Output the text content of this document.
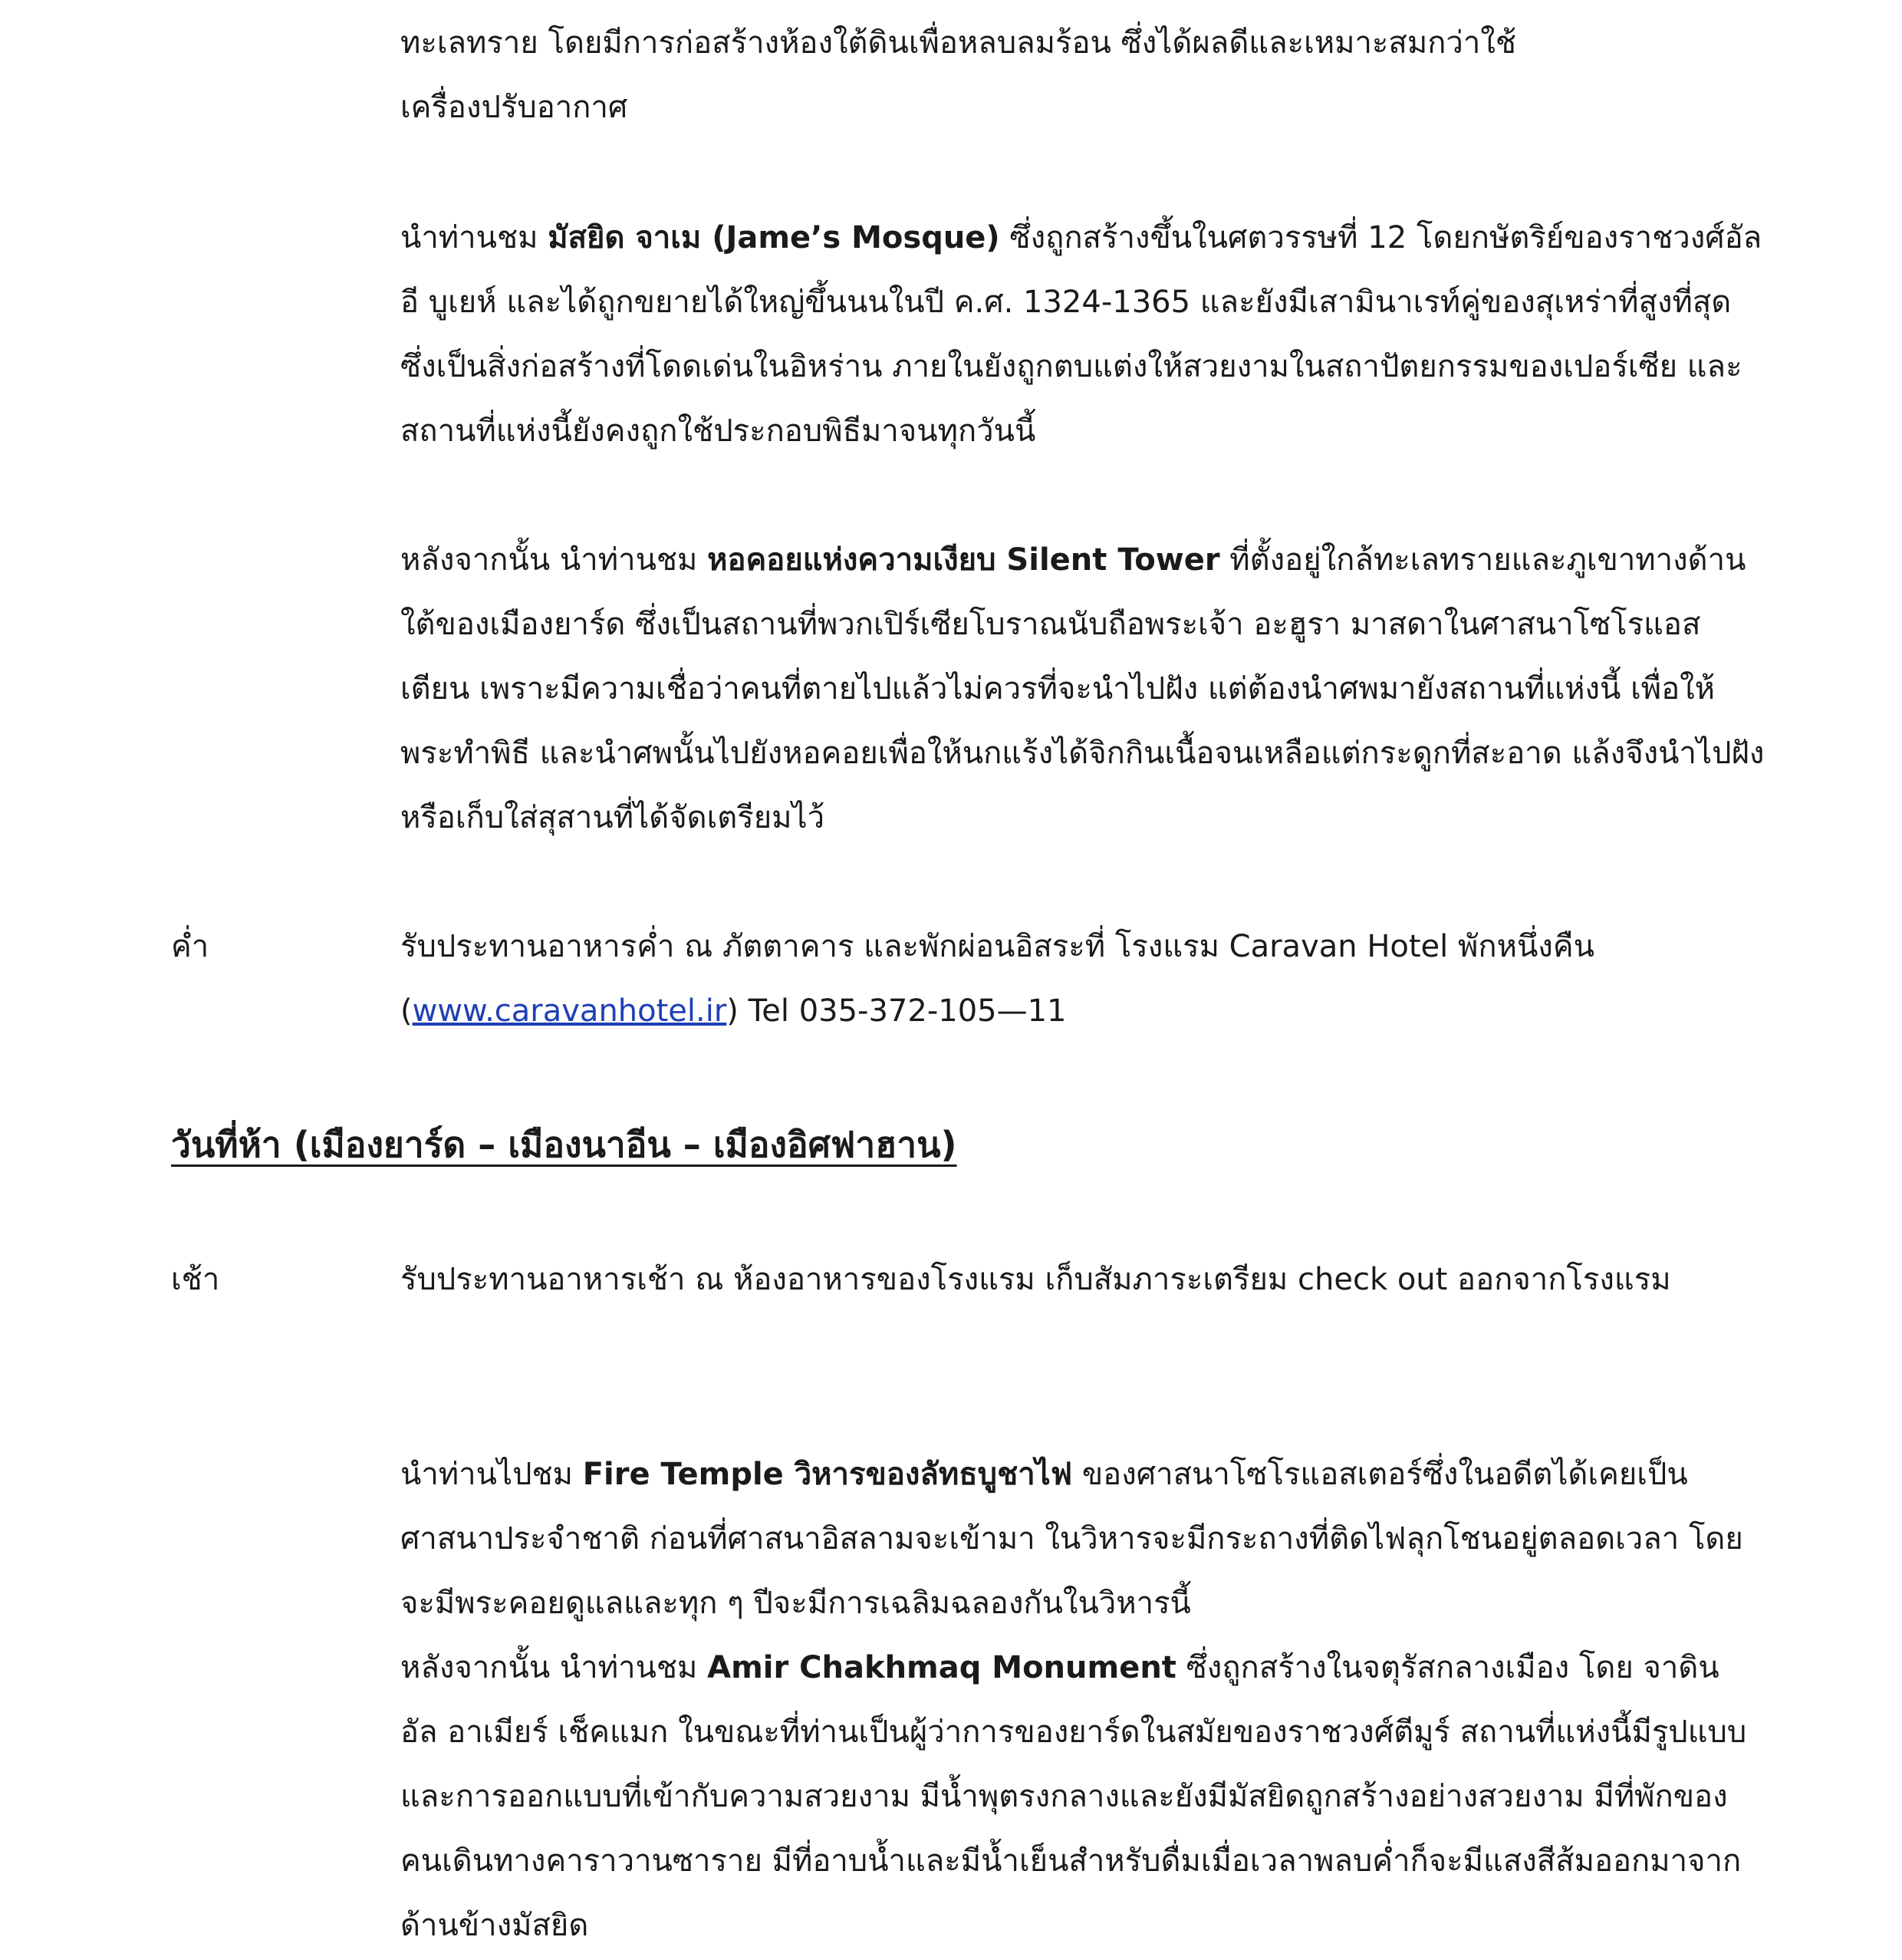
ทะเลทราย โดยมีการก่อสร้างห้องใต้ดินเพื่อหลบลมร้อน ซึ่งได้ผลดีและเหมาะสมกว่าใช้
เครื่องปรับอากาศ

นำท่านชม มัสยิด จาเม (Jame’s Mosque) ซึ่งถูกสร้างขึ้นในศตวรรษที่ 12 โดยกษัตริย์ของราชวงศ์อัล อี บูเยห์ และได้ถูกขยายได้ใหญ่ขึ้นนนในปี ค.ศ. 1324-1365 และยังมีเสามินาเรท์คู่ของสุเหร่าที่สูงที่สุด ซึ่งเป็นสิ่งก่อสร้างที่โดดเด่นในอิหร่าน ภายในยังถูกตบแต่งให้สวยงามในสถาปัตยกรรมของเปอร์เซีย และสถานที่แห่งนี้ยังคงถูกใช้ประกอบพิธีมาจนทุกวันนี้

หลังจากนั้น นำท่านชม หอคอยแห่งความเงียบ Silent Tower ที่ตั้งอยู่ใกล้ทะเลทรายและภูเขาทางด้านใต้ของเมืองยาร์ด ซึ่งเป็นสถานที่พวกเปิร์เซียโบราณนับถือพระเจ้า อะฮูรา มาสดาในศาสนาโซโรแอสเตียน เพราะมีความเชื่อว่าคนที่ตายไปแล้วไม่ควรที่จะนำไปฝัง แต่ต้องนำศพมายังสถานที่แห่งนี้ เพื่อให้พระทำพิธี และนำศพนั้นไปยังหอคอยเพื่อให้นกแร้งได้จิกกินเนื้อจนเหลือแต่กระดูกที่สะอาด แล้งจึงนำไปฝังหรือเก็บใส่สุสานที่ได้จัดเตรียมไว้

ค่ำ	รับประทานอาหารค่ำ ณ ภัตตาคาร และพักผ่อนอิสระที่ โรงแรม Caravan Hotel พักหนึ่งคืน
(www.caravanhotel.ir) Tel 035-372-105—11

วันที่ห้า (เมืองยาร์ด – เมืองนาอีน – เมืองอิศฟาฮาน)
เช้า	รับประทานอาหารเช้า ณ ห้องอาหารของโรงแรม เก็บสัมภาระเตรียม check out ออกจากโรงแรม

นำท่านไปชม Fire Temple วิหารของลัทธบูชาไฟ ของศาสนาโซโรแอสเตอร์ซึ่งในอดีตได้เคยเป็นศาสนาประจำชาติ ก่อนที่ศาสนาอิสลามจะเข้ามา ในวิหารจะมีกระถางที่ติดไฟลุกโชนอยู่ตลอดเวลา โดยจะมีพระคอยดูแลและทุก ๆ ปีจะมีการเฉลิมฉลองกันในวิหารนี้

หลังจากนั้น นำท่านชม Amir Chakhmaq Monument ซึ่งถูกสร้างในจตุรัสกลางเมือง โดย จาดิน อัล อาเมียร์ เช็คแมก ในขณะที่ท่านเป็นผู้ว่าการของยาร์ดในสมัยของราชวงศ์ตีมูร์ สถานที่แห่งนี้มีรูปแบบและการออกแบบที่เข้ากับความสวยงาม มีน้ำพุตรงกลางและยังมีมัสยิดถูกสร้างอย่างสวยงาม มีที่พักของคนเดินทางคาราวานซาราย มีที่อาบน้ำและมีน้ำเย็นสำหรับดื่มเมื่อเวลาพลบค่ำก็จะมีแสงสีส้มออกมาจากด้านข้างมัสยิด
